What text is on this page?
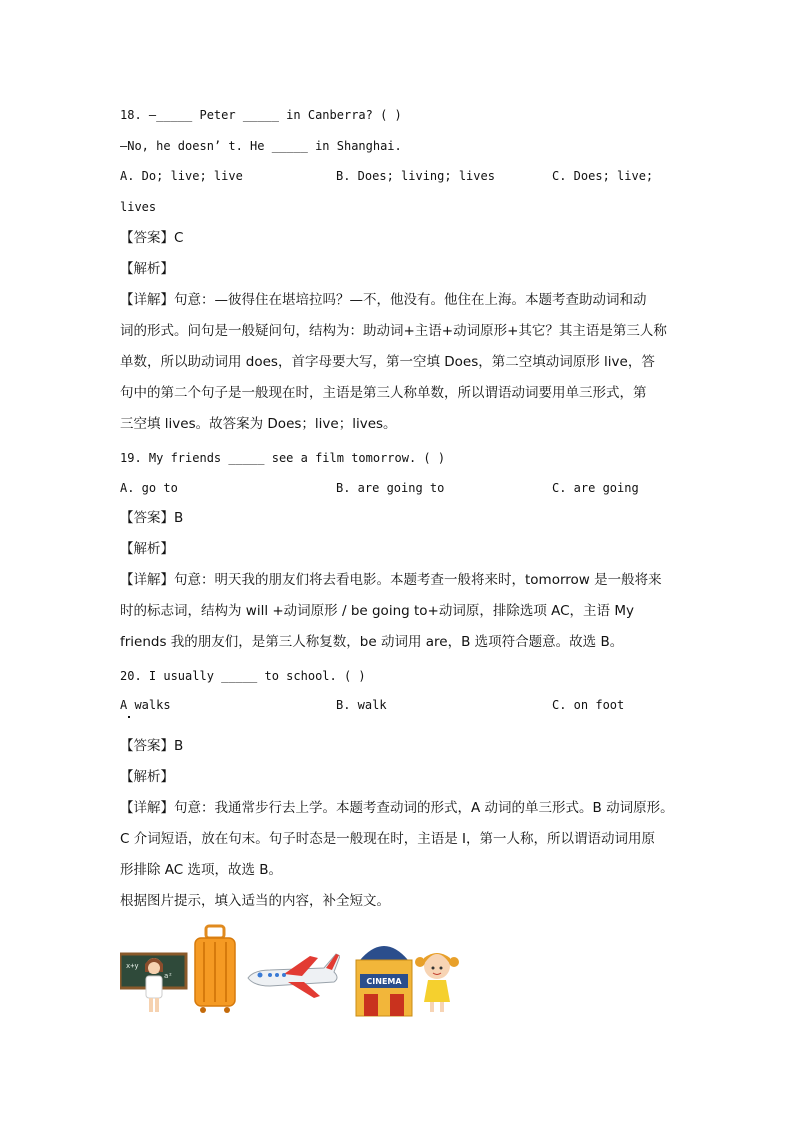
18. —_____ Peter _____ in Canberra? ( )
—No, he doesn’ t. He _____ in Shanghai.
A. Do; live; live	B. Does; living; lives	C. Does; live;
lives
【答案】C
【解析】
【详解】句意：—彼得住在堪培拉吗？—不，他没有。他住在上海。本题考查助动词和动
词的形式。问句是一般疑问句，结构为：助动词+主语+动词原形+其它？其主语是第三人称
单数，所以助动词用 does，首字母要大写，第一空填 Does，第二空填动词原形 live，答
句中的第二个句子是一般现在时，主语是第三人称单数，所以谓语动词要用单三形式，第
三空填 lives。故答案为 Does；live；lives。
19. My friends _____ see a film tomorrow. ( )
A. go to	B. are going to	C. are going
【答案】B
【解析】
【详解】句意：明天我的朋友们将去看电影。本题考查一般将来时，tomorrow 是一般将来
时的标志词，结构为 will +动词原形 / be going to+动词原，排除选项 AC，主语 My
friends 我的朋友们，是第三人称复数，be 动词用 are，B 选项符合题意。故选 B。
20. I usually _____ to school. ( )
A walks	B. walk	C. on foot
【答案】B
【解析】
【详解】句意：我通常步行去上学。本题考查动词的形式，A 动词的单三形式。B 动词原形。
C 介词短语，放在句末。句子时态是一般现在时，主语是 I，第一人称，所以谓语动词用原
形排除 AC 选项，故选 B。
根据图片提示，填入适当的内容，补全短文。
x+y
a²
CINEMA
